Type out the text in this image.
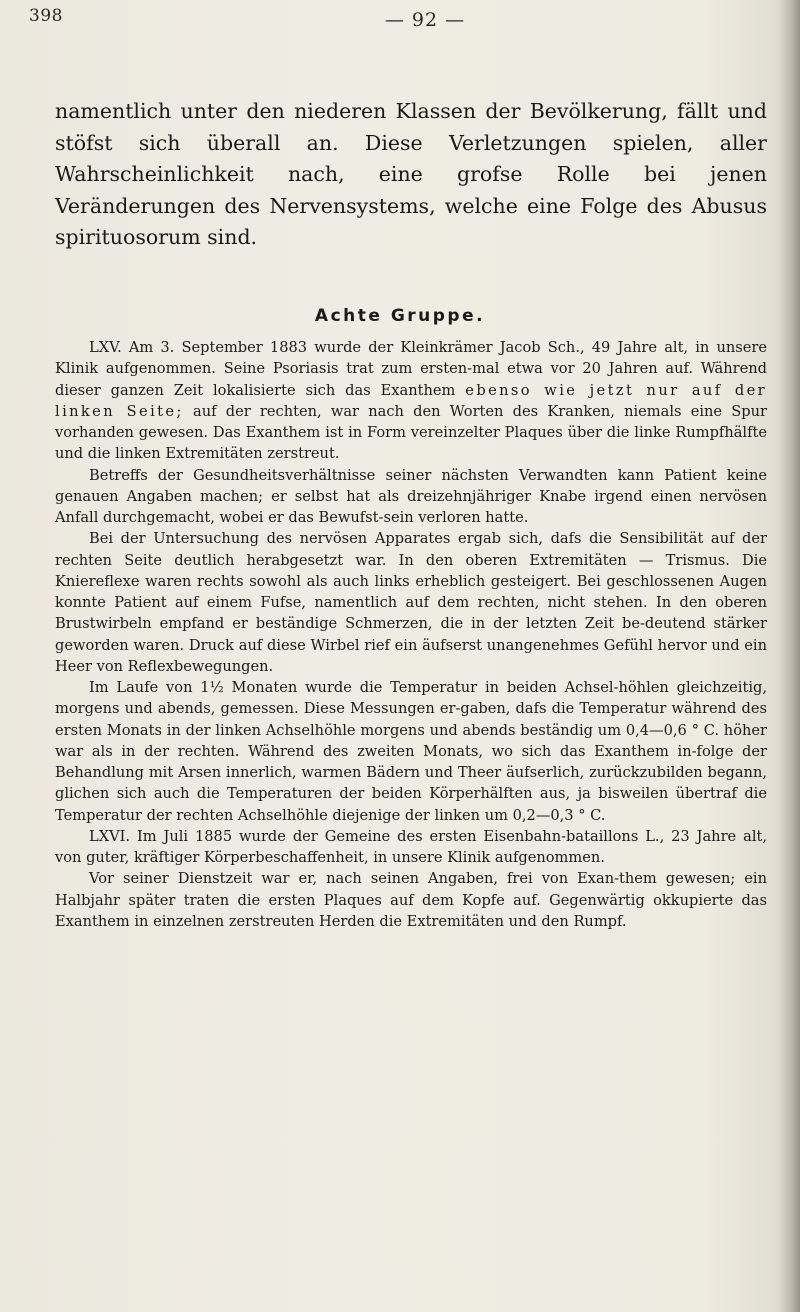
398	— 92 —

namentlich unter den niederen Klassen der Bevölkerung, fällt und stöfst sich überall an. Diese Verletzungen spielen, aller Wahrscheinlichkeit nach, eine grofse Rolle bei jenen Veränderungen des Nervensystems, welche eine Folge des Abusus spirituosorum sind.

Achte Gruppe.

LXV. Am 3. September 1883 wurde der Kleinkrämer Jacob Sch., 49 Jahre alt, in unsere Klinik aufgenommen. Seine Psoriasis trat zum ersten-mal etwa vor 20 Jahren auf. Während dieser ganzen Zeit lokalisierte sich das Exanthem ebenso wie jetzt nur auf der linken Seite; auf der rechten, war nach den Worten des Kranken, niemals eine Spur vorhanden gewesen. Das Exanthem ist in Form vereinzelter Plaques über die linke Rumpfhälfte und die linken Extremitäten zerstreut.

Betreffs der Gesundheitsverhältnisse seiner nächsten Verwandten kann Patient keine genauen Angaben machen; er selbst hat als dreizehnjähriger Knabe irgend einen nervösen Anfall durchgemacht, wobei er das Bewufst-sein verloren hatte.

Bei der Untersuchung des nervösen Apparates ergab sich, dafs die Sensibilität auf der rechten Seite deutlich herabgesetzt war. In den oberen Extremitäten — Trismus. Die Kniereflexe waren rechts sowohl als auch links erheblich gesteigert. Bei geschlossenen Augen konnte Patient auf einem Fufse, namentlich auf dem rechten, nicht stehen. In den oberen Brustwirbeln empfand er beständige Schmerzen, die in der letzten Zeit be-deutend stärker geworden waren. Druck auf diese Wirbel rief ein äufserst unangenehmes Gefühl hervor und ein Heer von Reflexbewegungen.

Im Laufe von 1½ Monaten wurde die Temperatur in beiden Achsel-höhlen gleichzeitig, morgens und abends, gemessen. Diese Messungen er-gaben, dafs die Temperatur während des ersten Monats in der linken Achselhöhle morgens und abends beständig um 0,4—0,6 ° C. höher war als in der rechten. Während des zweiten Monats, wo sich das Exanthem in-folge der Behandlung mit Arsen innerlich, warmen Bädern und Theer äufserlich, zurückzubilden begann, glichen sich auch die Temperaturen der beiden Körperhälften aus, ja bisweilen übertraf die Temperatur der rechten Achselhöhle diejenige der linken um 0,2—0,3 ° C.

LXVI. Im Juli 1885 wurde der Gemeine des ersten Eisenbahn-bataillons L., 23 Jahre alt, von guter, kräftiger Körperbeschaffenheit, in unsere Klinik aufgenommen.

Vor seiner Dienstzeit war er, nach seinen Angaben, frei von Exan-them gewesen; ein Halbjahr später traten die ersten Plaques auf dem Kopfe auf. Gegenwärtig okkupierte das Exanthem in einzelnen zerstreuten Herden die Extremitäten und den Rumpf.
